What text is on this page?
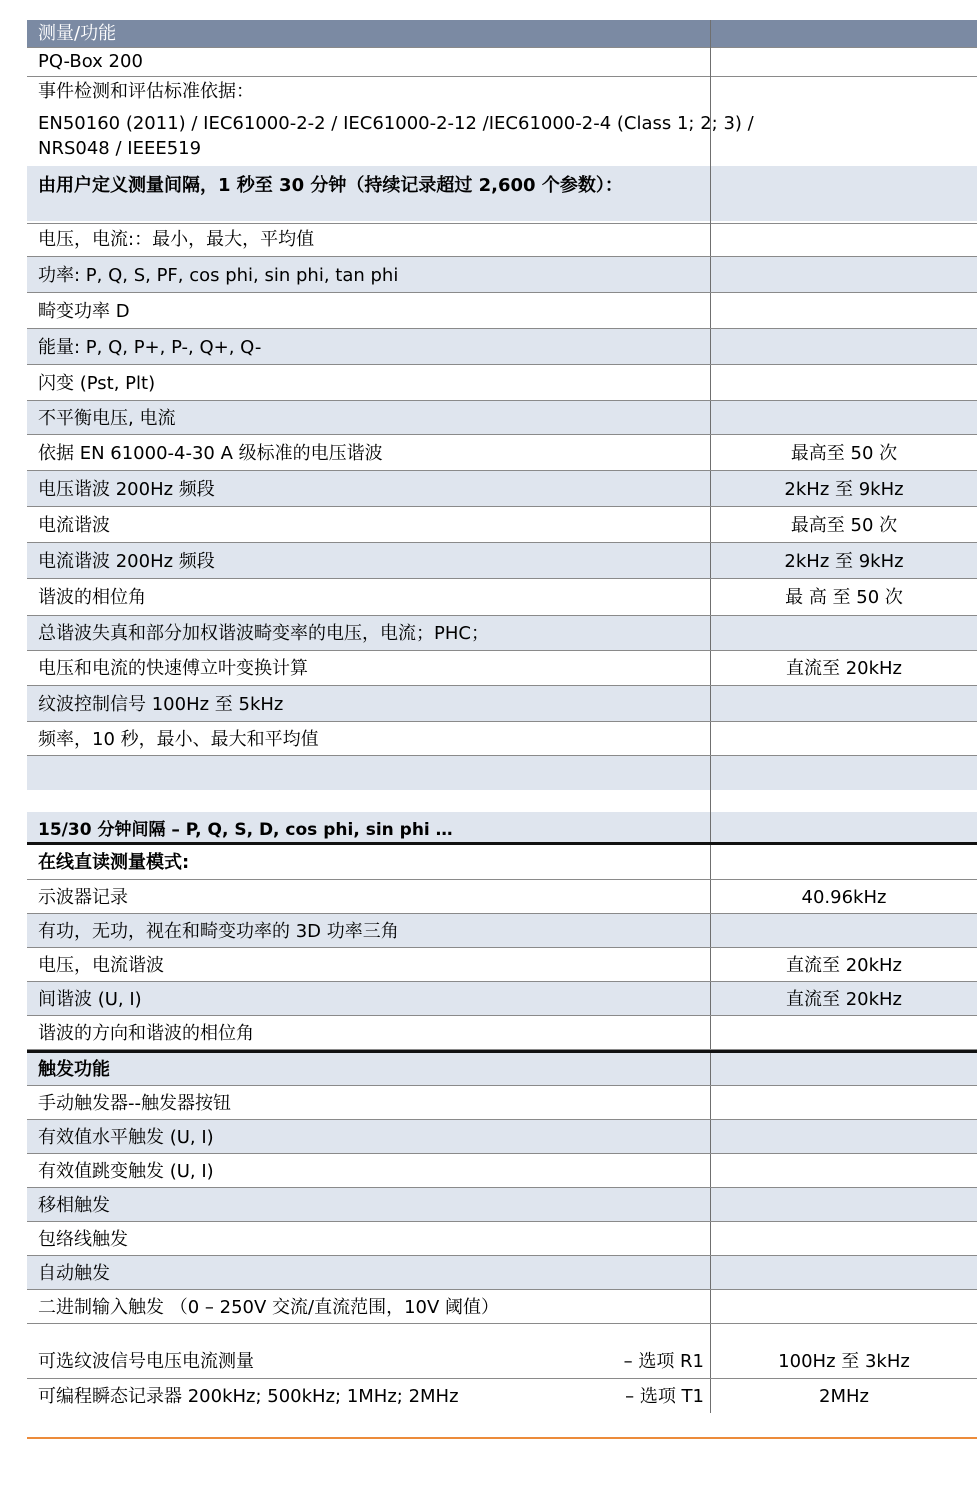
测量/功能
PQ-Box 200
事件检测和评估标准依据：
EN50160 (2011) / IEC61000-2-2 / IEC61000-2-12 /IEC61000-2-4 (Class 1; 2; 3) /
NRS048 / IEEE519
由用户定义测量间隔，1 秒至 30 分钟（持续记录超过 2,600 个参数）：
电压，电流:：最小，最大，平均值
功率: P, Q, S, PF, cos phi, sin phi, tan phi
畸变功率 D
能量: P, Q, P+, P-, Q+, Q-
闪变 (Pst, Plt)
不平衡电压, 电流
依据 EN 61000-4-30 A 级标准的电压谐波	最高至 50 次
电压谐波 200Hz 频段	2kHz 至 9kHz
电流谐波	最高至 50 次
电流谐波 200Hz 频段	2kHz 至 9kHz
谐波的相位角	最 高 至 50 次
总谐波失真和部分加权谐波畸变率的电压，电流；PHC；
电压和电流的快速傅立叶变换计算	直流至 20kHz
纹波控制信号 100Hz 至 5kHz
频率，10 秒，最小、最大和平均值
15/30 分钟间隔 – P, Q, S, D, cos phi, sin phi …
在线直读测量模式:
示波器记录	40.96kHz
有功，无功，视在和畸变功率的 3D 功率三角
电压，电流谐波	直流至 20kHz
间谐波 (U, I)	直流至 20kHz
谐波的方向和谐波的相位角
触发功能
手动触发器--触发器按钮
有效值水平触发 (U, I)
有效值跳变触发 (U, I)
移相触发
包络线触发
自动触发
二进制输入触发 （0 – 250V 交流/直流范围，10V 阈值）
可选纹波信号电压电流测量	– 选项 R1	100Hz 至 3kHz
可编程瞬态记录器 200kHz; 500kHz; 1MHz; 2MHz	– 选项 T1	2MHz
